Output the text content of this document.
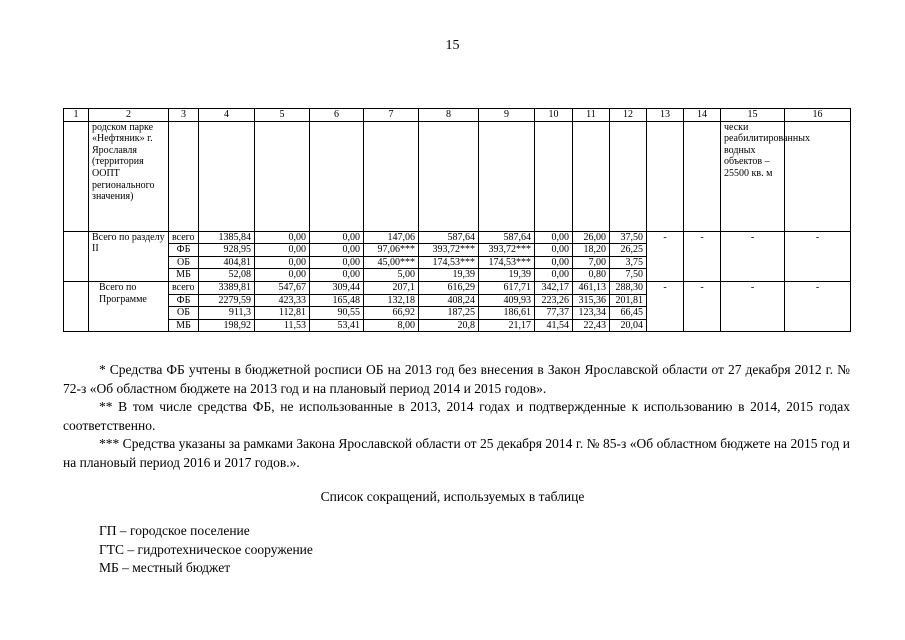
15
1	2	3	4	5	6	7	8	9	10	11	12	13	14	15	16
	родском парке «Нефтяник» г. Ярославля (территория ООПТ регионального значения)													чески реабилитированных водных объектов – 25500 кв. м	
	Всего по разделу II	всего	1385,84	0,00	0,00	147,06	587,64	587,64	0,00	26,00	37,50	-	-	-	-
		ФБ	928,95	0,00	0,00	97,06***	393,72***	393,72***	0,00	18,20	26,25				
		ОБ	404,81	0,00	0,00	45,00***	174,53***	174,53***	0,00	7,00	3,75				
		МБ	52,08	0,00	0,00	5,00	19,39	19,39	0,00	0,80	7,50				
	Всего по Программе	всего	3389,81	547,67	309,44	207,1	616,29	617,71	342,17	461,13	288,30	-	-	-	-
		ФБ	2279,59	423,33	165,48	132,18	408,24	409,93	223,26	315,36	201,81				
		ОБ	911,3	112,81	90,55	66,92	187,25	186,61	77,37	123,34	66,45				
		МБ	198,92	11,53	53,41	8,00	20,8	21,17	41,54	22,43	20,04				

* Средства ФБ учтены в бюджетной росписи ОБ на 2013 год без внесения в Закон Ярославской области от 27 декабря 2012 г. № 72-з «Об областном бюджете на 2013 год и на плановый период 2014 и 2015 годов».

** В том числе средства ФБ, не использованные в 2013, 2014 годах и подтвержденные к использованию в 2014, 2015 годах соответственно.

*** Средства указаны за рамками Закона Ярославской области от 25 декабря 2014 г. № 85-з «Об областном бюджете на 2015 год и на плановый период 2016 и 2017 годов.».

Список сокращений, используемых в таблице
ГП – городское поселение
ГТС – гидротехническое сооружение
МБ – местный бюджет
